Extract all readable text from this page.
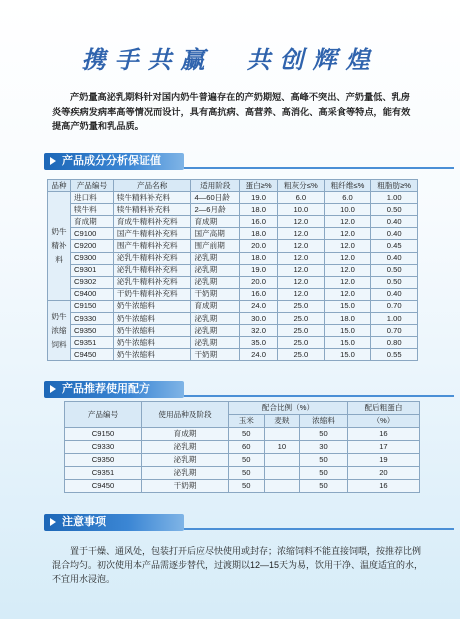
携手共赢　共创辉煌
产奶量高泌乳期料针对国内奶牛普遍存在的产奶期短、高峰不突出、产奶量低、乳房炎等疾病发病率高等情况而设计，具有高抗病、高营养、高消化、高采食等特点，能有效提高产奶量和乳品质。
产品成分分析保证值
品种	产品编号	产品名称	适用阶段	蛋白≥%	粗灰分≤%	粗纤维≤%	粗脂肪≥%
奶牛精补料	进口料	犊牛精料补充料	4—60日龄	19.0	6.0	6.0	1.00
	犊牛料	犊牛精料补充料	2—6月龄	18.0	10.0	10.0	0.50
	育成期	育成牛精料补充料	育成期	16.0	12.0	12.0	0.40
	C9100	国产牛精料补充料	国产高期	18.0	12.0	12.0	0.40
	C9200	围产牛精料补充料	围产前期	20.0	12.0	12.0	0.45
	C9300	泌乳牛精料补充料	泌乳期	18.0	12.0	12.0	0.40
	C9301	泌乳牛精料补充料	泌乳期	19.0	12.0	12.0	0.50
	C9302	泌乳牛精料补充料	泌乳期	20.0	12.0	12.0	0.50
	C9400	干奶牛精料补充料	干奶期	16.0	12.0	12.0	0.40
奶牛浓缩饲料	C9150	奶牛浓缩料	育成期	24.0	25.0	15.0	0.70
	C9330	奶牛浓缩料	泌乳期	30.0	25.0	18.0	1.00
	C9350	奶牛浓缩料	泌乳期	32.0	25.0	15.0	0.70
	C9351	奶牛浓缩料	泌乳期	35.0	25.0	15.0	0.80
	C9450	奶牛浓缩料	干奶期	24.0	25.0	15.0	0.55
产品推荐使用配方
产品编号	使用品种及阶段	配合比例（%）			配后粗蛋白
		玉米	麦麸	浓缩料	（%）
C9150	育成期	50		50	16
C9330	泌乳期	60	10	30	17
C9350	泌乳期	50		50	19
C9351	泌乳期	50		50	20
C9450	干奶期	50		50	16
注意事项
置于干燥、通风处，包装打开后应尽快使用或封存；浓缩饲料不能直接饲喂，按推荐比例混合均匀。初次使用本产品需逐步替代，过渡期以12—15天为易，饮用干净、温度适宜的水，不宜用水浸泡。
